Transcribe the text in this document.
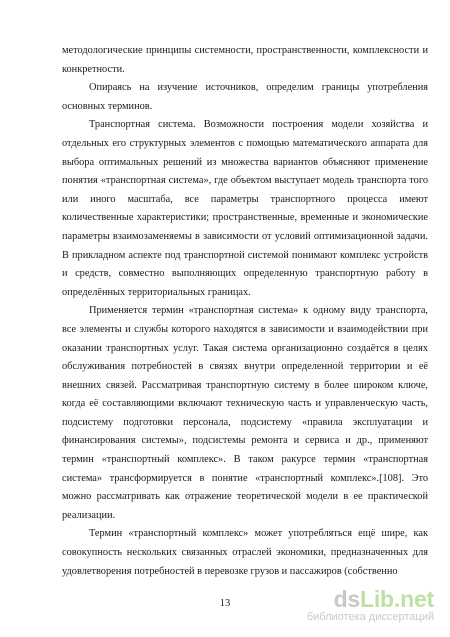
методологические принципы системности, пространственности, комплексности и конкретности.

Опираясь на изучение источников, определим границы употребления основных терминов.

Транспортная система. Возможности построения модели хозяйства и отдельных его структурных элементов с помощью математического аппарата для выбора оптимальных решений из множества вариантов объясняют применение понятия «транспортная система», где объектом выступает модель транспорта того или иного масштаба, все параметры транспортного процесса имеют количественные характеристики; пространственные, временные и экономические параметры взаимозаменяемы в зависимости от условий оптимизационной задачи. В прикладном аспекте под транспортной системой понимают комплекс устройств и средств, совместно выполняющих определенную транспортную работу в определённых территориальных границах.

Применяется термин «транспортная система» к одному виду транспорта, все элементы и службы которого находятся в зависимости и взаимодействии при оказании транспортных услуг. Такая система организационно создаётся в целях обслуживания потребностей в связях внутри определенной территории и её внешних связей. Рассматривая транспортную систему в более широком ключе, когда её составляющими включают техническую часть и управленческую часть, подсистему подготовки персонала, подсистему «правила эксплуатации и финансирования системы», подсистемы ремонта и сервиса и др., применяют термин «транспортный комплекс». В таком ракурсе термин «транспортная система» трансформируется в понятие «транспортный комплекс».[108]. Это можно рассматривать как отражение теоретической модели в ее практической реализации.

Термин «транспортный комплекс» может употребляться ещё шире, как совокупность нескольких связанных отраслей экономики, предназначенных для удовлетворения потребностей в перевозке грузов и пассажиров (собственно

13	dsLib.net
библиотека диссертаций
